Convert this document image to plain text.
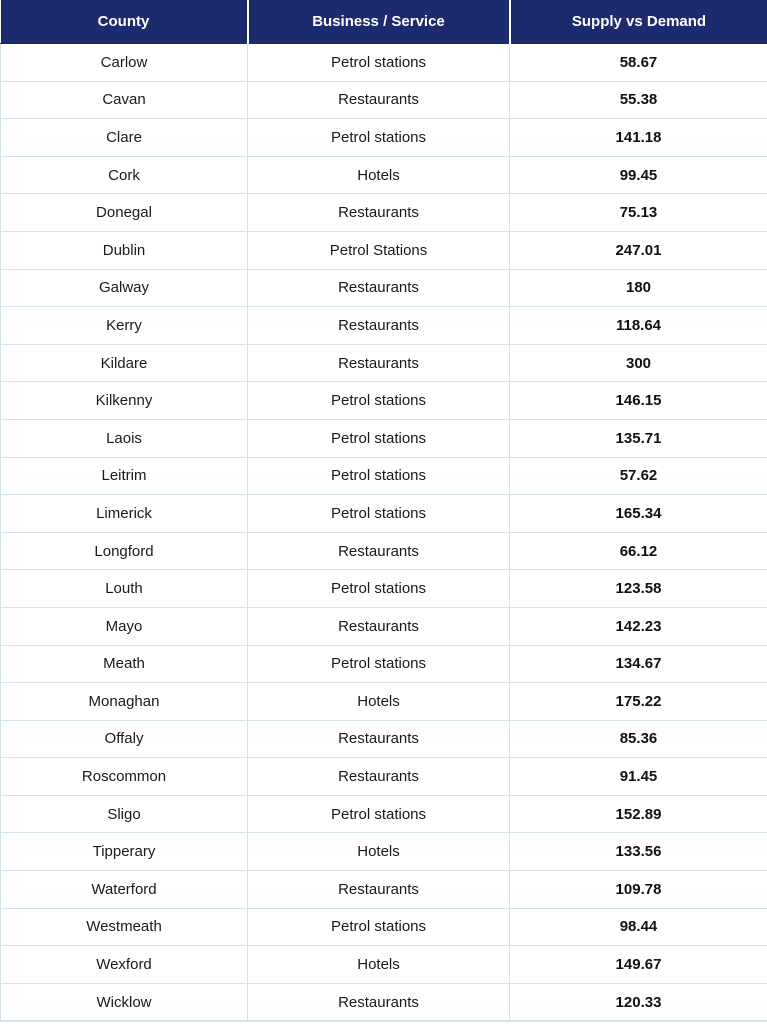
County	Business / Service	Supply vs Demand
Carlow	Petrol stations	58.67
Cavan	Restaurants	55.38
Clare	Petrol stations	141.18
Cork	Hotels	99.45
Donegal	Restaurants	75.13
Dublin	Petrol Stations	247.01
Galway	Restaurants	180
Kerry	Restaurants	118.64
Kildare	Restaurants	300
Kilkenny	Petrol stations	146.15
Laois	Petrol stations	135.71
Leitrim	Petrol stations	57.62
Limerick	Petrol stations	165.34
Longford	Restaurants	66.12
Louth	Petrol stations	123.58
Mayo	Restaurants	142.23
Meath	Petrol stations	134.67
Monaghan	Hotels	175.22
Offaly	Restaurants	85.36
Roscommon	Restaurants	91.45
Sligo	Petrol stations	152.89
Tipperary	Hotels	133.56
Waterford	Restaurants	109.78
Westmeath	Petrol stations	98.44
Wexford	Hotels	149.67
Wicklow	Restaurants	120.33
